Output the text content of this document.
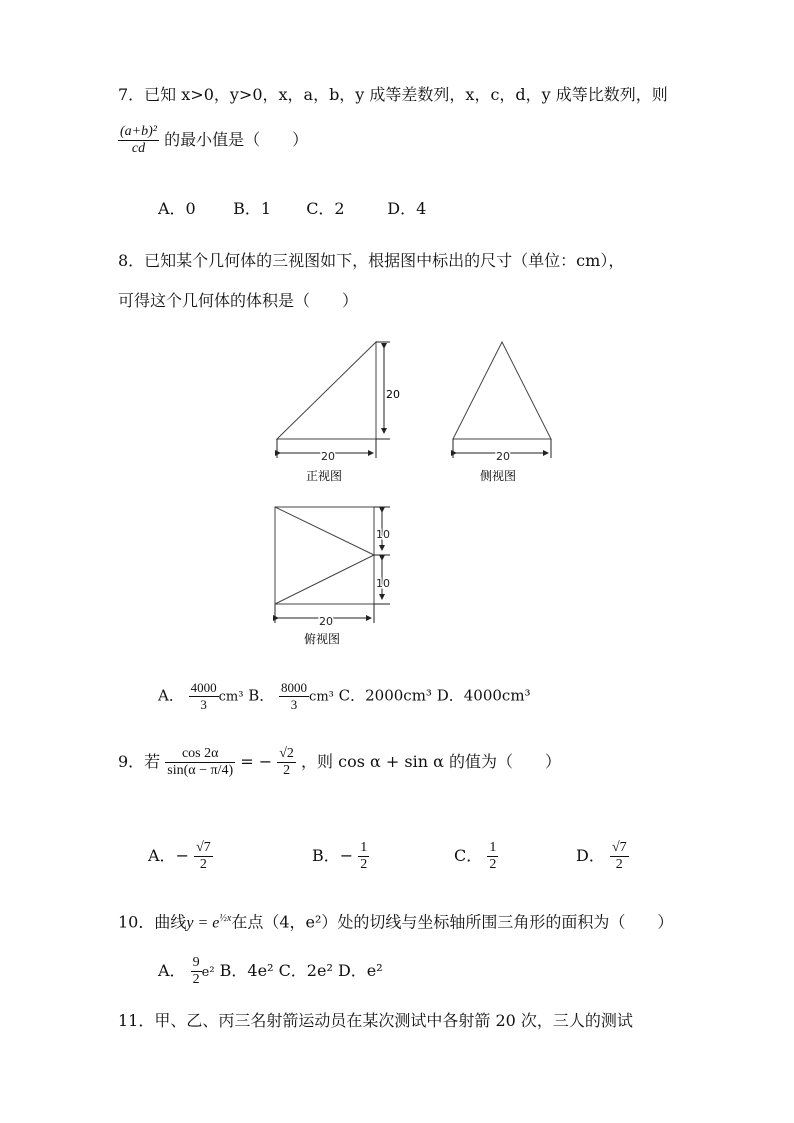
7．已知 x>0，y>0，x，a，b，y 成等差数列，x，c，d，y 成等比数列，则
$\frac{\text{(a+b)²}}{cd}$ 的最小值是（　　）
A．0 B．1 C．2	D．4
8．已知某个几何体的三视图如下，根据图中标出的尺寸（单位：cm），
可得这个几何体的体积是（　　）
20
20
正视图
20
侧视图
10
10
20
俯视图
A． $\frac{4000}{3} cm^3$ B． $\frac{8000}{3} cm^3$ C．2000cm³ D．4000cm³
9．若 $\frac{\cos 2\alpha}{\sin(\alpha - \pi/4)}$ = − $\frac{√2}{2}$ ，则 cos α + sin α 的值为（　　）
A．− $\frac{√7}{2}$	B．− $\frac{1}{2}$	C． $\frac{1}{2}$	D． $\frac{√7}{2}$
10．曲线$y = e^{\frac{1}{2}x}$在点（4，e²）处的切线与坐标轴所围三角形的面积为（　　）
A． $\frac{9}{2} e^2$ B．4e² C．2e² D．e²
11．甲、乙、丙三名射箭运动员在某次测试中各射箭 20 次，三人的测试
